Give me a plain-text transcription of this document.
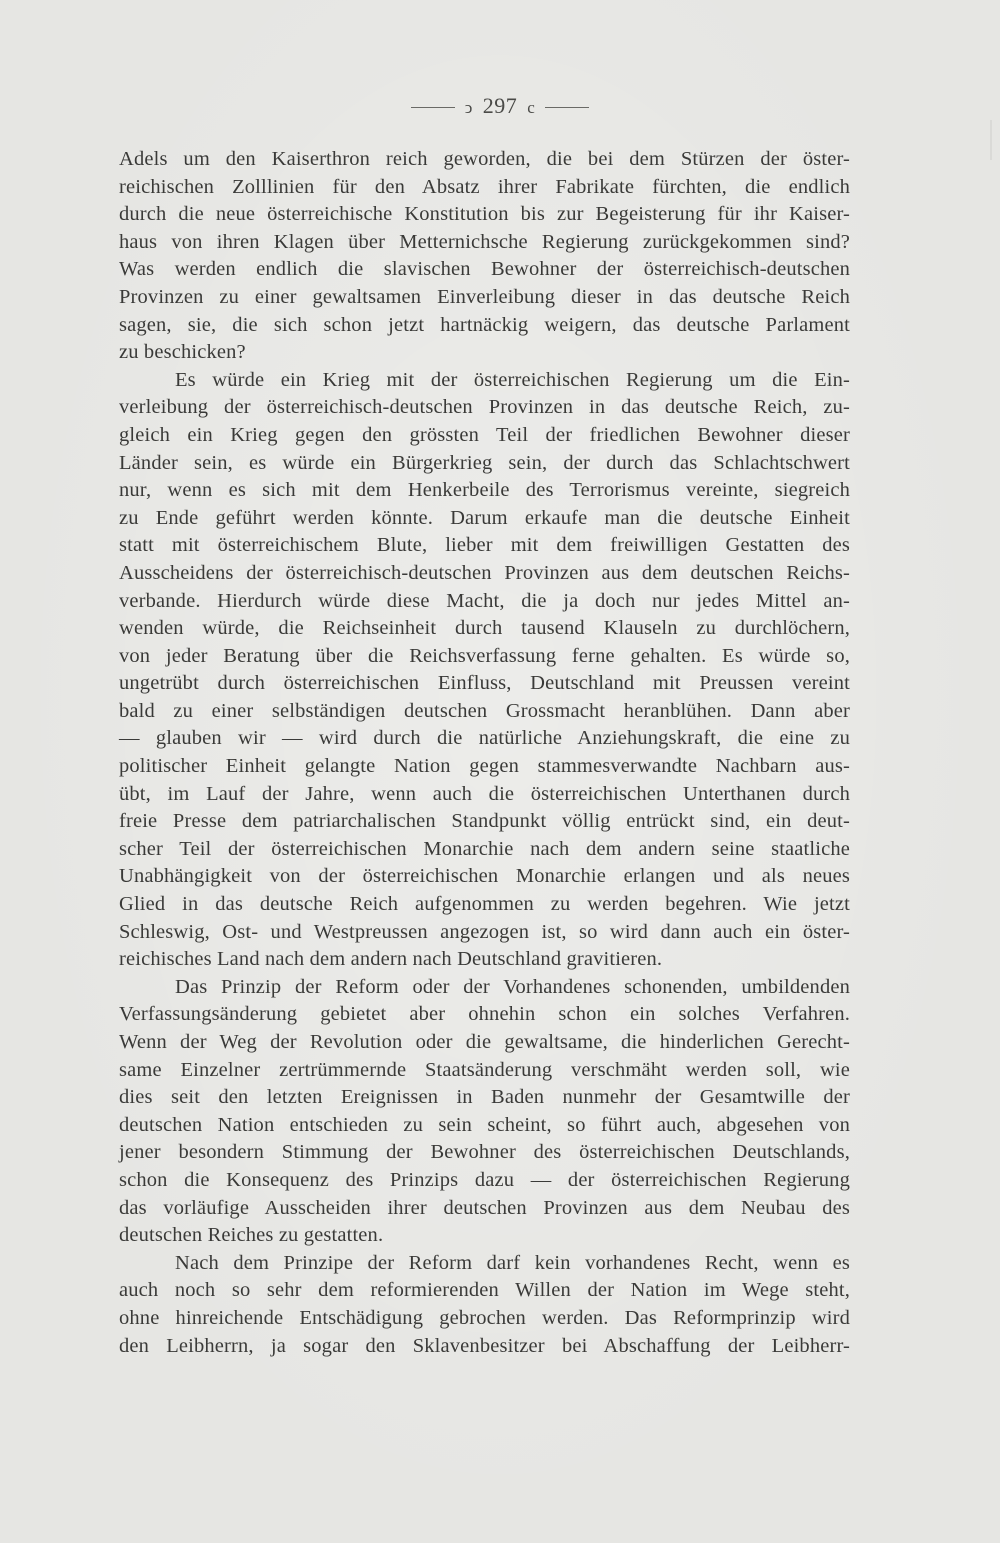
ↄ 297 c
Adels um den Kaiserthron reich geworden, die bei dem Stürzen der öster-
reichischen Zolllinien für den Absatz ihrer Fabrikate fürchten, die endlich
durch die neue österreichische Konstitution bis zur Begeisterung für ihr Kaiser-
haus von ihren Klagen über Metternichsche Regierung zurückgekommen sind?
Was werden endlich die slavischen Bewohner der österreichisch-deutschen
Provinzen zu einer gewaltsamen Einverleibung dieser in das deutsche Reich
sagen, sie, die sich schon jetzt hartnäckig weigern, das deutsche Parlament
zu beschicken?
Es würde ein Krieg mit der österreichischen Regierung um die Ein-
verleibung der österreichisch-deutschen Provinzen in das deutsche Reich, zu-
gleich ein Krieg gegen den grössten Teil der friedlichen Bewohner dieser
Länder sein, es würde ein Bürgerkrieg sein, der durch das Schlachtschwert
nur, wenn es sich mit dem Henkerbeile des Terrorismus vereinte, siegreich
zu Ende geführt werden könnte. Darum erkaufe man die deutsche Einheit
statt mit österreichischem Blute, lieber mit dem freiwilligen Gestatten des
Ausscheidens der österreichisch-deutschen Provinzen aus dem deutschen Reichs-
verbande. Hierdurch würde diese Macht, die ja doch nur jedes Mittel an-
wenden würde, die Reichseinheit durch tausend Klauseln zu durchlöchern,
von jeder Beratung über die Reichsverfassung ferne gehalten. Es würde so,
ungetrübt durch österreichischen Einfluss, Deutschland mit Preussen vereint
bald zu einer selbständigen deutschen Grossmacht heranblühen. Dann aber
— glauben wir — wird durch die natürliche Anziehungskraft, die eine zu
politischer Einheit gelangte Nation gegen stammesverwandte Nachbarn aus-
übt, im Lauf der Jahre, wenn auch die österreichischen Unterthanen durch
freie Presse dem patriarchalischen Standpunkt völlig entrückt sind, ein deut-
scher Teil der österreichischen Monarchie nach dem andern seine staatliche
Unabhängigkeit von der österreichischen Monarchie erlangen und als neues
Glied in das deutsche Reich aufgenommen zu werden begehren. Wie jetzt
Schleswig, Ost- und Westpreussen angezogen ist, so wird dann auch ein öster-
reichisches Land nach dem andern nach Deutschland gravitieren.
Das Prinzip der Reform oder der Vorhandenes schonenden, umbildenden
Verfassungsänderung gebietet aber ohnehin schon ein solches Verfahren.
Wenn der Weg der Revolution oder die gewaltsame, die hinderlichen Gerecht-
same Einzelner zertrümmernde Staatsänderung verschmäht werden soll, wie
dies seit den letzten Ereignissen in Baden nunmehr der Gesamtwille der
deutschen Nation entschieden zu sein scheint, so führt auch, abgesehen von
jener besondern Stimmung der Bewohner des österreichischen Deutschlands,
schon die Konsequenz des Prinzips dazu — der österreichischen Regierung
das vorläufige Ausscheiden ihrer deutschen Provinzen aus dem Neubau des
deutschen Reiches zu gestatten.
Nach dem Prinzipe der Reform darf kein vorhandenes Recht, wenn es
auch noch so sehr dem reformierenden Willen der Nation im Wege steht,
ohne hinreichende Entschädigung gebrochen werden. Das Reformprinzip wird
den Leibherrn, ja sogar den Sklavenbesitzer bei Abschaffung der Leibherr-
